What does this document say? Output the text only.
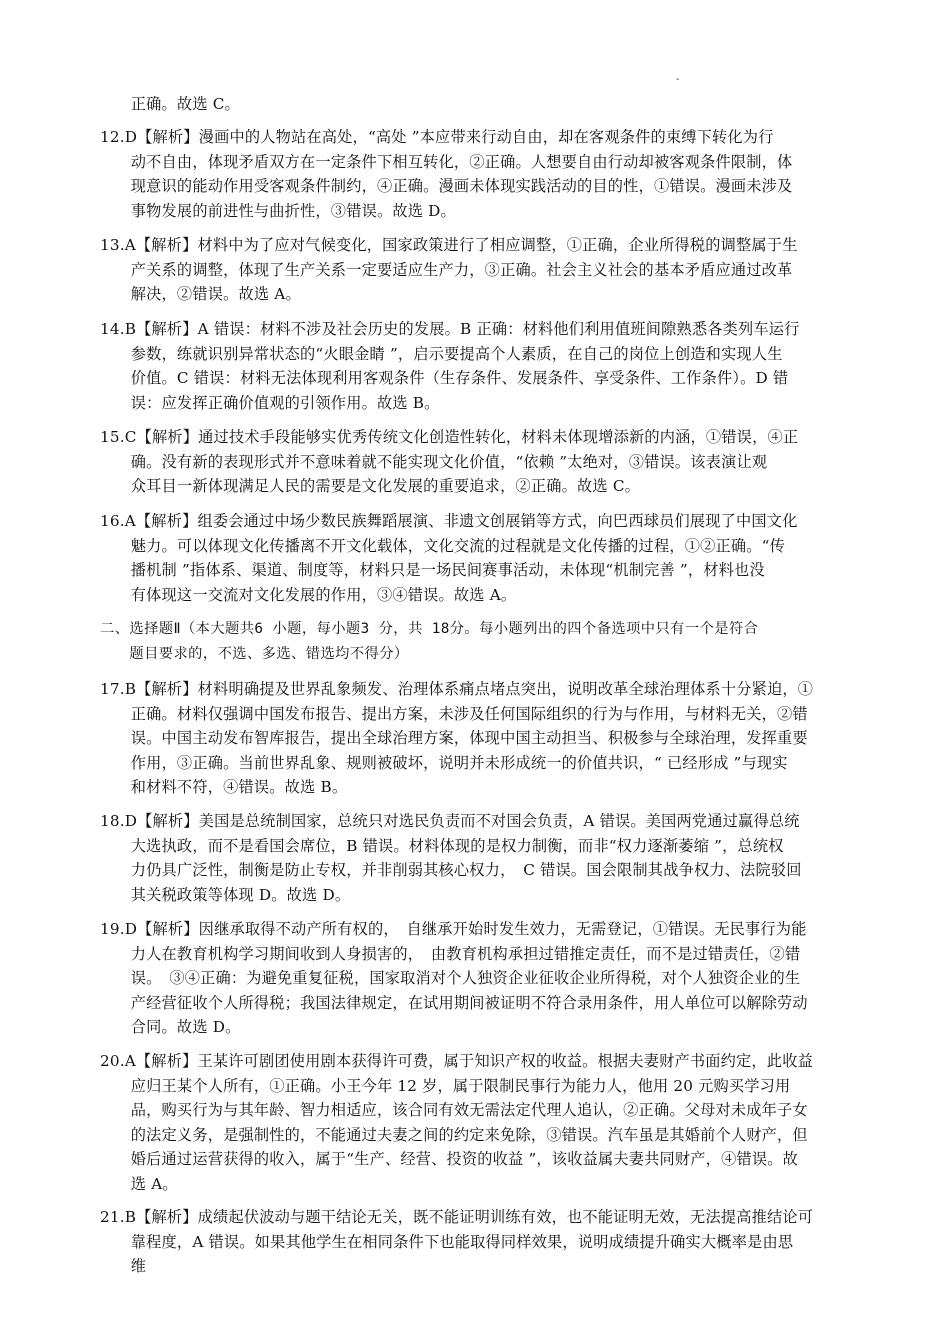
-
　　正确。故选 C。
12.D【解析】漫画中的人物站在高处，“高处 ”本应带来行动自由，却在客观条件的束缚下转化为行
　　动不自由，体现矛盾双方在一定条件下相互转化，②正确。人想要自由行动却被客观条件限制，体
　　现意识的能动作用受客观条件制约，④正确。漫画未体现实践活动的目的性，①错误。漫画未涉及
　　事物发展的前进性与曲折性，③错误。故选 D。
13.A【解析】材料中为了应对气候变化，国家政策进行了相应调整，①正确，企业所得税的调整属于生
　　产关系的调整，体现了生产关系一定要适应生产力，③正确。社会主义社会的基本矛盾应通过改革
　　解决，②错误。故选 A。
14.B【解析】A 错误：材料不涉及社会历史的发展。B 正确：材料他们利用值班间隙熟悉各类列车运行
　　参数，练就识别异常状态的“火眼金睛 ”，启示要提高个人素质，在自己的岗位上创造和实现人生
　　价值。C 错误：材料无法体现利用客观条件（生存条件、发展条件、享受条件、工作条件）。D 错
　　误：应发挥正确价值观的引领作用。故选 B。
15.C【解析】通过技术手段能够实优秀传统文化创造性转化，材料未体现增添新的内涵，①错误，④正
　　确。没有新的表现形式并不意味着就不能实现文化价值，“依赖 ”太绝对，③错误。该表演让观
　　众耳目一新体现满足人民的需要是文化发展的重要追求，②正确。故选 C。
16.A【解析】组委会通过中场少数民族舞蹈展演、非遗文创展销等方式，向巴西球员们展现了中国文化
　　魅力。可以体现文化传播离不开文化载体，文化交流的过程就是文化传播的过程，①②正确。“传
　　播机制 ”指体系、渠道、制度等，材料只是一场民间赛事活动，未体现“机制完善 ”，材料也没
　　有体现这一交流对文化发展的作用，③④错误。故选 A。
二、选择题Ⅱ（本大题共6 小题，每小题3 分，共 18分。每小题列出的四个备选项中只有一个是符合
　　题目要求的，不选、多选、错选均不得分）
17.B【解析】材料明确提及世界乱象频发、治理体系痛点堵点突出，说明改革全球治理体系十分紧迫，①
　　正确。材料仅强调中国发布报告、提出方案，未涉及任何国际组织的行为与作用，与材料无关，②错
　　误。中国主动发布智库报告，提出全球治理方案，体现中国主动担当、积极参与全球治理，发挥重要
　　作用，③正确。当前世界乱象、规则被破坏，说明并未形成统一的价值共识，“ 已经形成 ”与现实
　　和材料不符，④错误。故选 B。
18.D【解析】美国是总统制国家，总统只对选民负责而不对国会负责，A 错误。美国两党通过赢得总统
　　大选执政，而不是看国会席位，B 错误。材料体现的是权力制衡，而非“权力逐渐萎缩 ”，总统权
　　力仍具广泛性，制衡是防止专权，并非削弱其核心权力，　C 错误。国会限制其战争权力、法院驳回
　　其关税政策等体现 D。故选 D。
19.D【解析】因继承取得不动产所有权的，　自继承开始时发生效力，无需登记，①错误。无民事行为能
　　力人在教育机构学习期间收到人身损害的，　由教育机构承担过错推定责任，而不是过错责任，②错
　　误。　③④正确：为避免重复征税，国家取消对个人独资企业征收企业所得税，对个人独资企业的生
　　产经营征收个人所得税；我国法律规定，在试用期间被证明不符合录用条件，用人单位可以解除劳动
　　合同。故选 D。
20.A【解析】王某许可剧团使用剧本获得许可费，属于知识产权的收益。根据夫妻财产书面约定，此收益
　　应归王某个人所有，①正确。小王今年 12 岁，属于限制民事行为能力人，他用 20 元购买学习用
　　品，购买行为与其年龄、智力相适应，该合同有效无需法定代理人追认，②正确。父母对未成年子女
　　的法定义务，是强制性的，不能通过夫妻之间的约定来免除，③错误。汽车虽是其婚前个人财产，但
　　婚后通过运营获得的收入，属于“生产、经营、投资的收益 ”，该收益属夫妻共同财产，④错误。故
　　选 A。
21.B【解析】成绩起伏波动与题干结论无关，既不能证明训练有效，也不能证明无效，无法提高推结论可
　　靠程度，A 错误。如果其他学生在相同条件下也能取得同样效果，说明成绩提升确实大概率是由思
　　维
